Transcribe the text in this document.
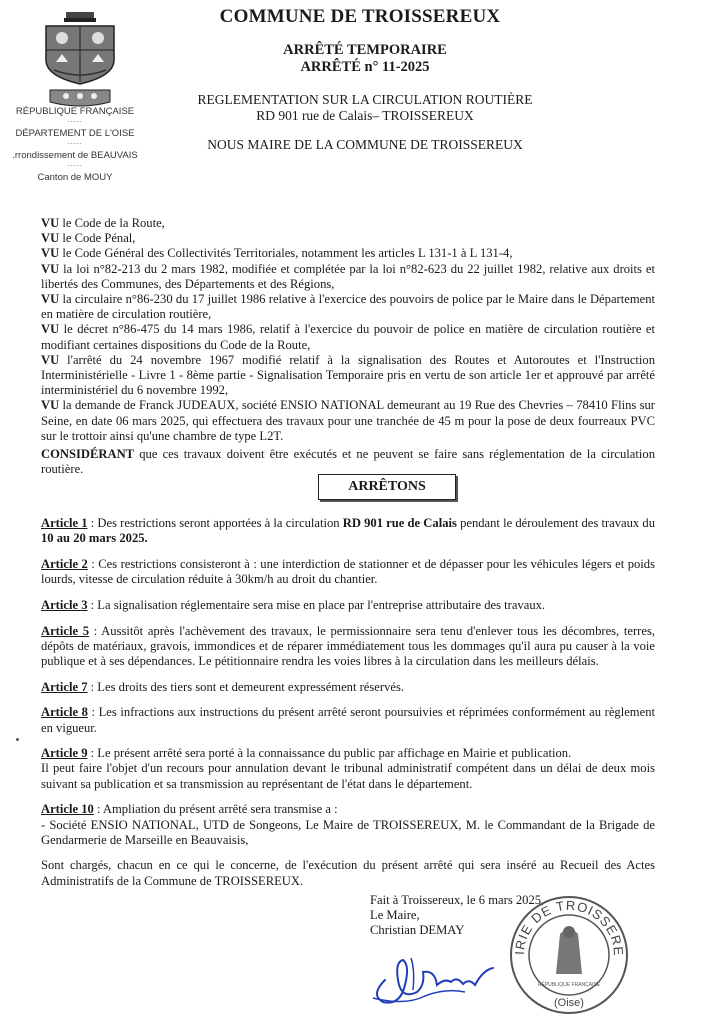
COMMUNE DE TROISSEREUX
ARRÊTÉ TEMPORAIRE
ARRÊTÉ n° 11-2025
REGLEMENTATION SUR LA CIRCULATION ROUTIÈRE
RD 901 rue de Calais– TROISSEREUX
NOUS MAIRE DE LA COMMUNE DE TROISSEREUX
RÉPUBLIQUE FRANÇAISE
-----
DÉPARTEMENT DE L'OISE
-----
.rrondissement de BEAUVAIS
-----
Canton de MOUY

VU le Code de la Route,

VU le Code Pénal,

VU le Code Général des Collectivités Territoriales, notamment les articles L 131-1 à L 131-4,

VU la loi n°82-213 du 2 mars 1982, modifiée et complétée par la loi n°82-623 du 22 juillet 1982, relative aux droits et libertés des Communes, des Départements et des Régions,

VU la circulaire n°86-230 du 17 juillet 1986 relative à l'exercice des pouvoirs de police par le Maire dans le Département en matière de circulation routière,

VU le décret n°86-475 du 14 mars 1986, relatif à l'exercice du pouvoir de police en matière de circulation routière et modifiant certaines dispositions du Code de la Route,

VU l'arrêté du 24 novembre 1967 modifié relatif à la signalisation des Routes et Autoroutes et l'Instruction Interministérielle - Livre 1 - 8ème partie - Signalisation Temporaire pris en vertu de son article 1er et approuvé par arrêté interministériel du 6 novembre 1992,

VU la demande de Franck JUDEAUX, société ENSIO NATIONAL demeurant au 19 Rue des Chevries – 78410 Flins sur Seine, en date 06 mars 2025, qui effectuera des travaux pour une tranchée de 45 m pour la pose de deux fourreaux PVC sur le trottoir ainsi qu'une chambre de type L2T.

CONSIDÉRANT que ces travaux doivent être exécutés et ne peuvent se faire sans réglementation de la circulation routière.
ARRÊTONS

Article 1 : Des restrictions seront apportées à la circulation RD 901 rue de Calais pendant le déroulement des travaux du 10 au 20 mars 2025.

Article 2 : Ces restrictions consisteront à : une interdiction de stationner et de dépasser pour les véhicules légers et poids lourds, vitesse de circulation réduite à 30km/h au droit du chantier.

Article 3 : La signalisation réglementaire sera mise en place par l'entreprise attributaire des travaux.

Article 5 : Aussitôt après l'achèvement des travaux, le permissionnaire sera tenu d'enlever tous les décombres, terres, dépôts de matériaux, gravois, immondices et de réparer immédiatement tous les dommages qu'il aura pu causer à la voie publique et à ses dépendances. Le pétitionnaire rendra les voies libres à la circulation dans les meilleurs délais.

Article 7 : Les droits des tiers sont et demeurent expressément réservés.

Article 8 : Les infractions aux instructions du présent arrêté seront poursuivies et réprimées conformément au règlement en vigueur.

Article 9 : Le présent arrêté sera porté à la connaissance du public par affichage en Mairie et publication.
Il peut faire l'objet d'un recours pour annulation devant le tribunal administratif compétent dans un délai de deux mois suivant sa publication et sa transmission au représentant de l'état dans le département.

Article 10 : Ampliation du présent arrêté sera transmise a :
- Société ENSIO NATIONAL, UTD de Songeons, Le Maire de TROISSEREUX, M. le Commandant de la Brigade de Gendarmerie de Marseille en Beauvaisis,

Sont chargés, chacun en ce qui le concerne, de l'exécution du présent arrêté qui sera inséré au Recueil des Actes Administratifs de la Commune de TROISSEREUX.

Fait à Troissereux, le 6 mars 2025,
Le Maire,
Christian DEMAY
IRIE DE TROISSERE
RÉPUBLIQUE FRANÇAISE
(Oise)
